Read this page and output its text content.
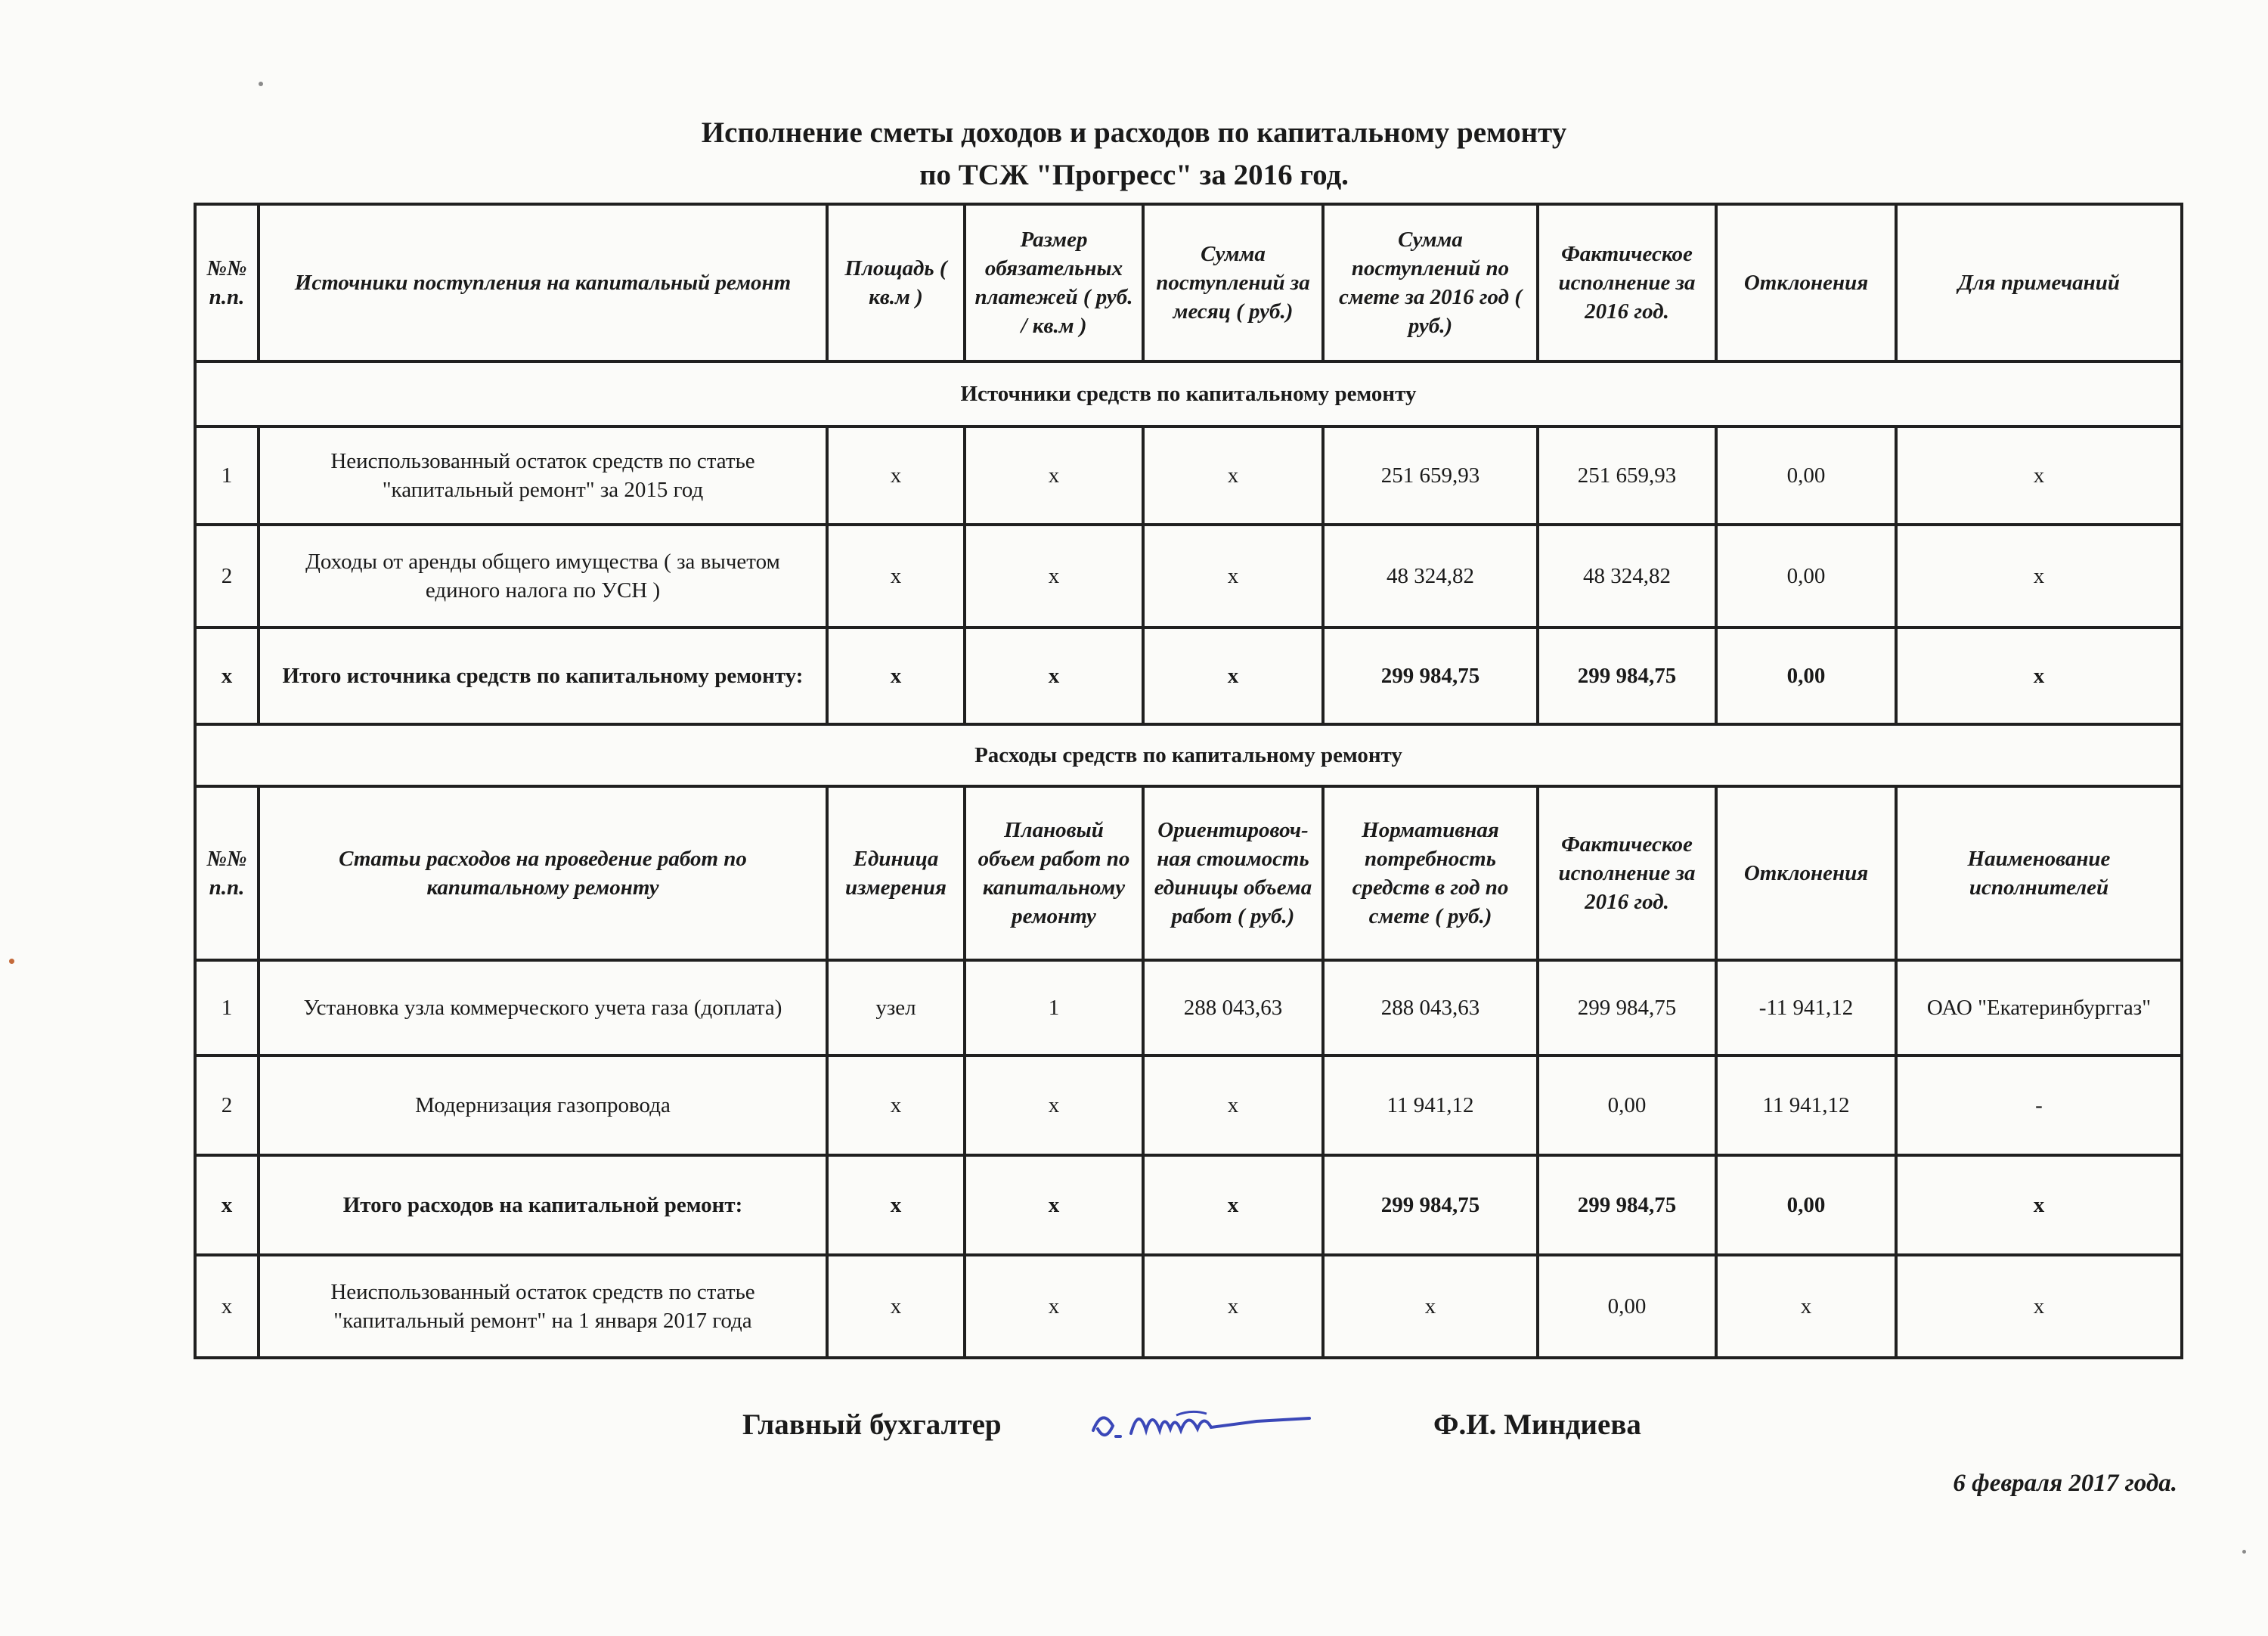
Исполнение сметы доходов и расходов по капитальному ремонту
по ТСЖ "Прогресс" за 2016 год.
№№ п.п.	Источники поступления на капитальный ремонт	Площадь ( кв.м )	Размер обязательных платежей ( руб. / кв.м )	Сумма поступлений за месяц ( руб.)	Сумма поступлений по смете за 2016 год ( руб.)	Фактическое исполнение за 2016 год.	Отклонения	Для примечаний
Источники средств по капитальному ремонту								
1	Неиспользованный остаток средств по статье "капитальный ремонт" за 2015 год	х	х	х	251 659,93	251 659,93	0,00	х
2	Доходы от аренды общего имущества ( за вычетом единого налога по УСН )	х	х	х	48 324,82	48 324,82	0,00	х
х	Итого источника средств по капитальному ремонту:	х	х	х	299 984,75	299 984,75	0,00	х
Расходы средств по капитальному ремонту								
№№ п.п.	Статьи расходов на проведение работ по капитальному ремонту	Единица измерения	Плановый объем работ по капитальному ремонту	Ориентировоч-ная стоимость единицы объема работ ( руб.)	Нормативная потребность средств в год по смете ( руб.)	Фактическое исполнение за 2016 год.	Отклонения	Наименование исполнителей
1	Установка узла коммерческого учета газа (доплата)	узел	1	288 043,63	288 043,63	299 984,75	-11 941,12	ОАО "Екатеринбурггаз"
2	Модернизация газопровода	х	х	х	11 941,12	0,00	11 941,12	-
х	Итого расходов на капитальной ремонт:	х	х	х	299 984,75	299 984,75	0,00	х
х	Неиспользованный остаток средств по статье "капитальный ремонт" на 1 января 2017 года	х	х	х	х	0,00	х	х
Главный бухгалтер	Ф.И. Миндиева
6 февраля 2017 года.
